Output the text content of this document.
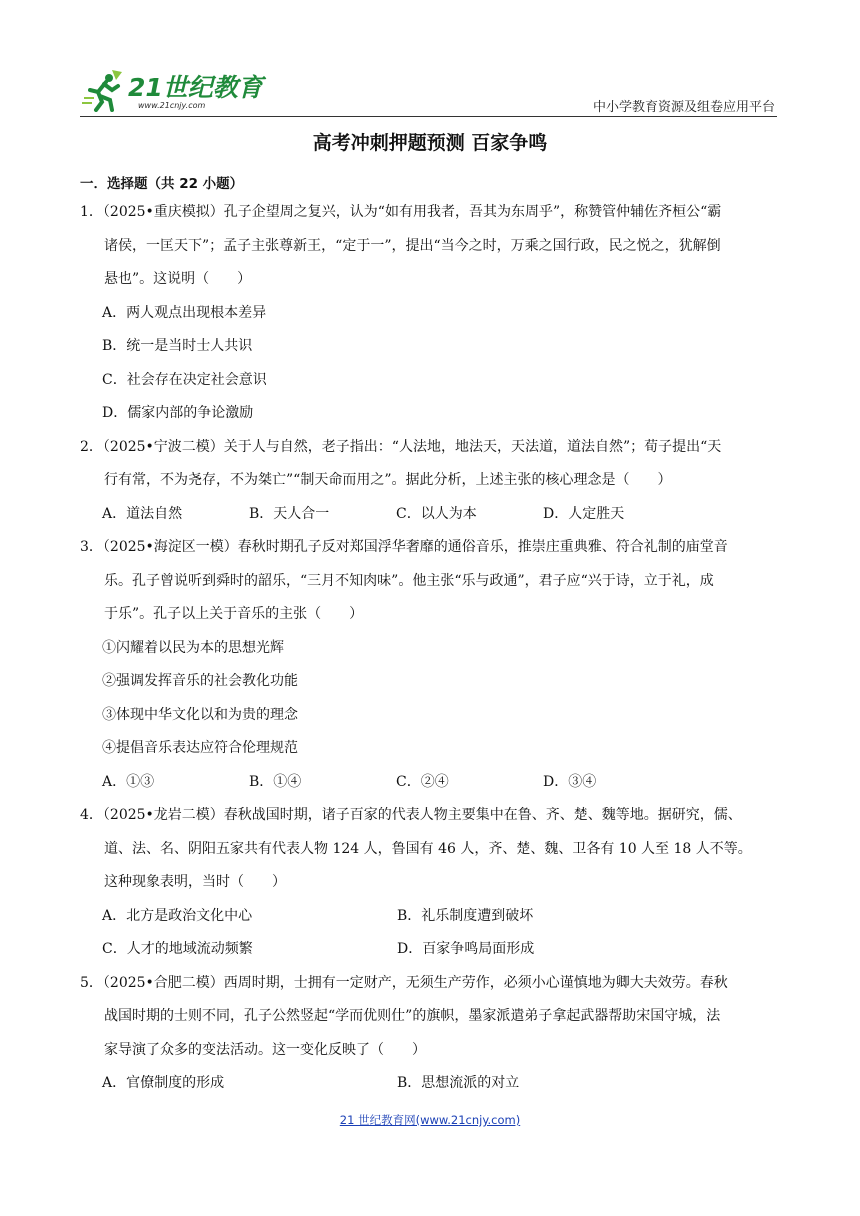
21世纪教育
www.21cnjy.com	中小学教育资源及组卷应用平台
高考冲刺押题预测 百家争鸣
一．选择题（共 22 小题）
1．（2025•重庆模拟）孔子企望周之复兴，认为“如有用我者，吾其为东周乎”，称赞管仲辅佐齐桓公“霸
诸侯，一匡天下”；孟子主张尊新王，“定于一”，提出“当今之时，万乘之国行政，民之悦之，犹解倒
悬也”。这说明（　　）
A．两人观点出现根本差异
B．统一是当时士人共识
C．社会存在决定社会意识
D．儒家内部的争论激励
2．（2025•宁波二模）关于人与自然，老子指出：“人法地，地法天，天法道，道法自然”；荀子提出“天
行有常，不为尧存，不为桀亡”“制天命而用之”。据此分析，上述主张的核心理念是（　　）
A．道法自然	B．天人合一	C．以人为本	D．人定胜天
3．（2025•海淀区一模）春秋时期孔子反对郑国浮华奢靡的通俗音乐，推崇庄重典雅、符合礼制的庙堂音
乐。孔子曾说听到舜时的韶乐，“三月不知肉味”。他主张“乐与政通”，君子应“兴于诗，立于礼，成
于乐”。孔子以上关于音乐的主张（　　）
①闪耀着以民为本的思想光辉
②强调发挥音乐的社会教化功能
③体现中华文化以和为贵的理念
④提倡音乐表达应符合伦理规范
A．①③	B．①④	C．②④	D．③④
4．（2025•龙岩二模）春秋战国时期，诸子百家的代表人物主要集中在鲁、齐、楚、魏等地。据研究，儒、
道、法、名、阴阳五家共有代表人物 124 人，鲁国有 46 人，齐、楚、魏、卫各有 10 人至 18 人不等。
这种现象表明，当时（　　）
A．北方是政治文化中心	B．礼乐制度遭到破坏
C．人才的地域流动频繁	D．百家争鸣局面形成
5．（2025•合肥二模）西周时期，士拥有一定财产，无须生产劳作，必须小心谨慎地为卿大夫效劳。春秋
战国时期的士则不同，孔子公然竖起“学而优则仕”的旗帜，墨家派遣弟子拿起武器帮助宋国守城，法
家导演了众多的变法活动。这一变化反映了（　　）
A．官僚制度的形成	B．思想流派的对立
21 世纪教育网(www.21cnjy.com)
